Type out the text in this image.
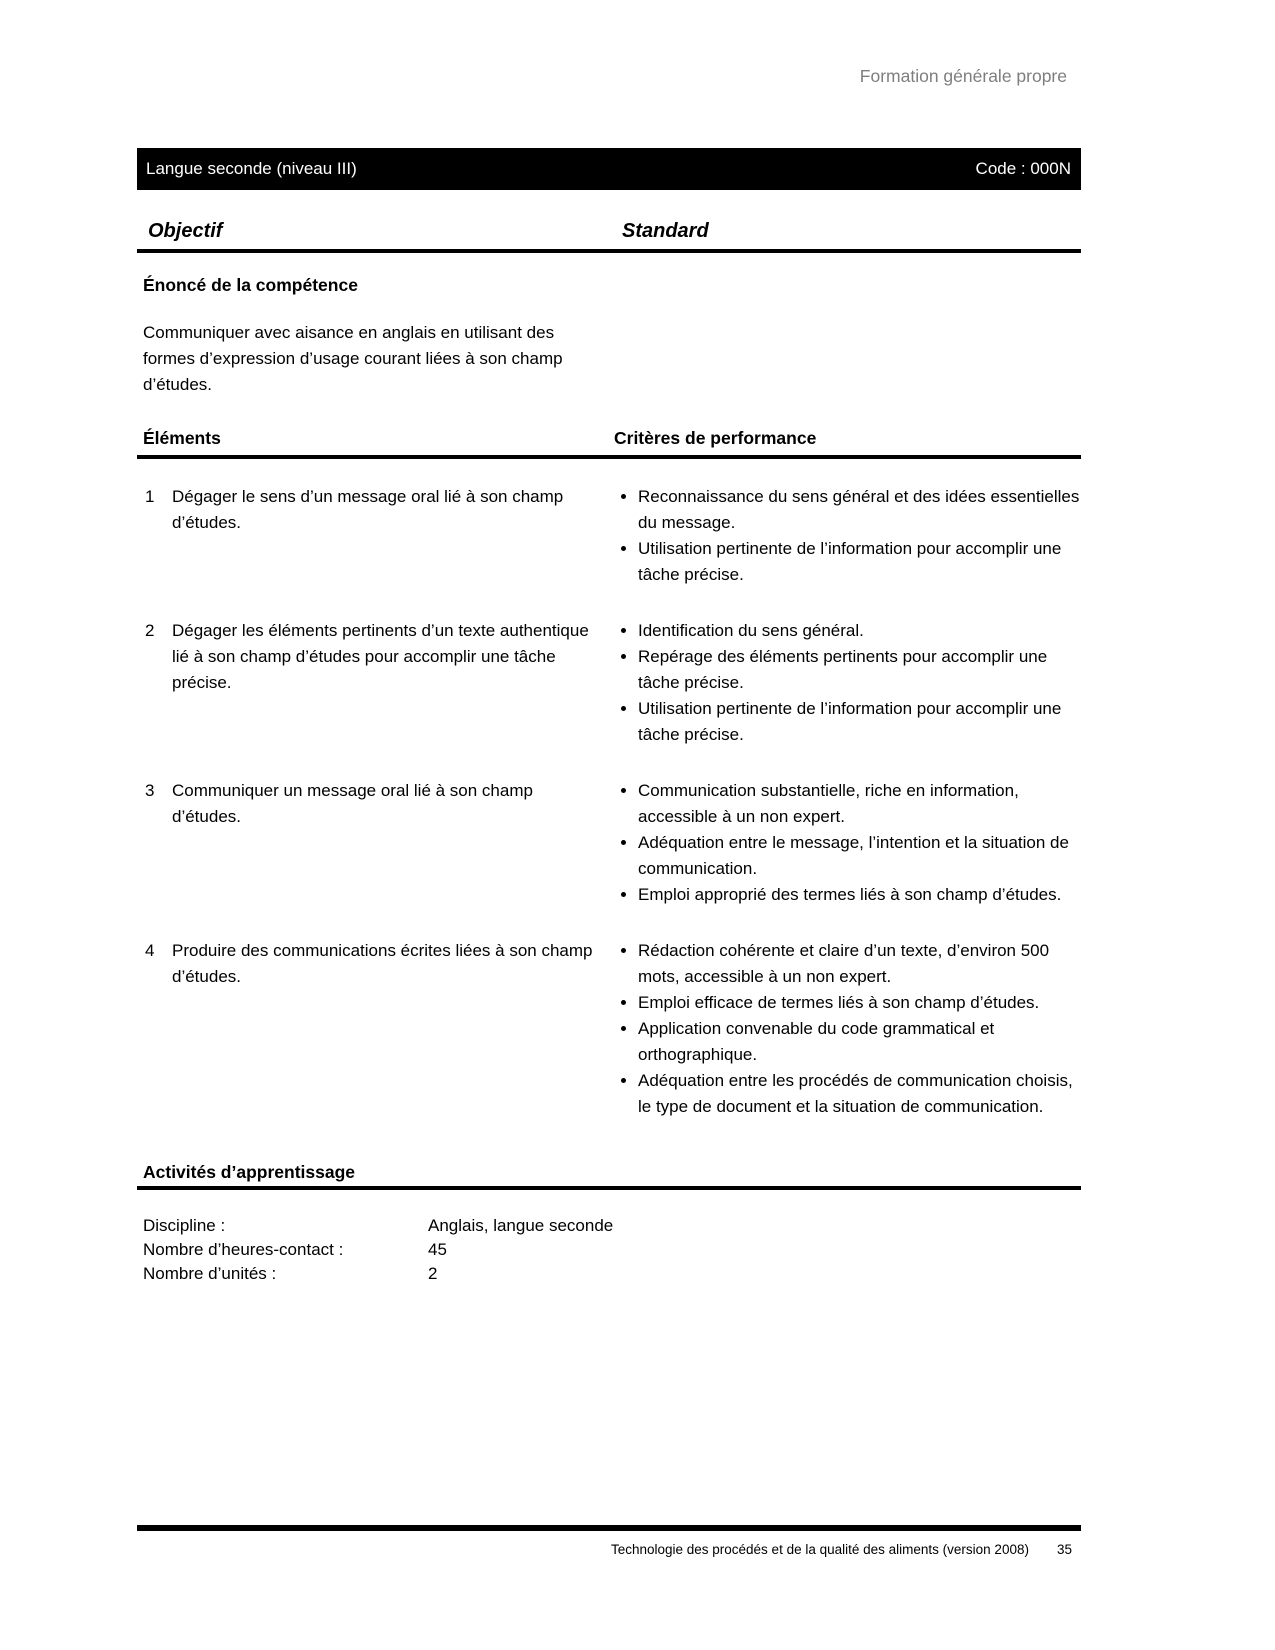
Formation générale propre
Langue seconde (niveau III)	Code : 000N
Objectif	Standard
Énoncé de la compétence

Communiquer avec aisance en anglais en utilisant des formes d’expression d’usage courant liées à son champ d’études.

Éléments	Critères de performance
1	Dégager le sens d’un message oral lié à son champ d’études.
• Reconnaissance du sens général et des idées essentielles du message.
• Utilisation pertinente de l’information pour accomplir une tâche précise.
2	Dégager les éléments pertinents d’un texte authentique lié à son champ d’études pour accomplir une tâche précise.
• Identification du sens général.
• Repérage des éléments pertinents pour accomplir une tâche précise.
• Utilisation pertinente de l’information pour accomplir une tâche précise.
3	Communiquer un message oral lié à son champ d’études.
• Communication substantielle, riche en information, accessible à un non expert.
• Adéquation entre le message, l’intention et la situation de communication.
• Emploi approprié des termes liés à son champ d’études.
4	Produire des communications écrites liées à son champ d’études.
• Rédaction cohérente et claire d’un texte, d’environ 500 mots, accessible à un non expert.
• Emploi efficace de termes liés à son champ d’études.
• Application convenable du code grammatical et orthographique.
• Adéquation entre les procédés de communication choisis, le type de document et la situation de communication.
Activités d’apprentissage
Discipline :	Anglais, langue seconde
Nombre d’heures-contact :	45
Nombre d’unités :	2
Technologie des procédés et de la qualité des aliments (version 2008) 35
